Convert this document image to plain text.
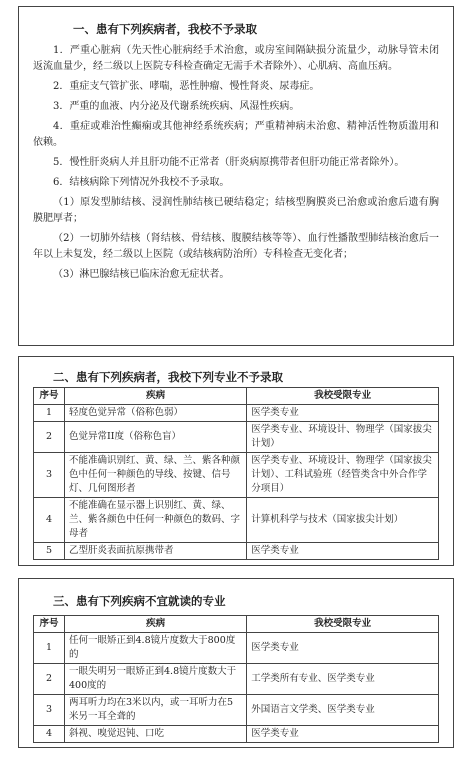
一、患有下列疾病者，我校不予录取

1．严重心脏病（先天性心脏病经手术治愈，或房室间隔缺损分流量少，动脉导管未闭返流血量少，经二级以上医院专科检查确定无需手术者除外）、心肌病、高血压病。

2．重症支气管扩张、哮喘，恶性肿瘤、慢性肾炎、尿毒症。

3．严重的血液、内分泌及代谢系统疾病、风湿性疾病。

4．重症或难治性癫痫或其他神经系统疾病；严重精神病未治愈、精神活性物质滥用和依赖。

5．慢性肝炎病人并且肝功能不正常者（肝炎病原携带者但肝功能正常者除外）。

6．结核病除下列情况外我校不予录取。

（1）原发型肺结核、浸润性肺结核已硬结稳定；结核型胸膜炎已治愈或治愈后遗有胸膜肥厚者；

（2）一切肺外结核（肾结核、骨结核、腹膜结核等等）、血行性播散型肺结核治愈后一年以上未复发，经二级以上医院（或结核病防治所）专科检查无变化者；

（3）淋巴腺结核已临床治愈无症状者。

二、患有下列疾病者，我校下列专业不予录取
序号	疾病	我校受限专业
1	轻度色觉异常（俗称色弱）	医学类专业
2	色觉异常II度（俗称色盲）	医学类专业、环境设计、物理学（国家拔尖计划）
3	不能准确识别红、黄、绿、兰、紫各种颜色中任何一种颜色的导线、按键、信号灯、几何图形者	医学类专业、环境设计、物理学（国家拔尖计划）、工科试验班（经管类含中外合作学分项目）
4	不能准确在显示器上识别红、黄、绿、兰、紫各颜色中任何一种颜色的数码、字母者	计算机科学与技术（国家拔尖计划）
5	乙型肝炎表面抗原携带者	医学类专业
三、患有下列疾病不宜就读的专业
序号	疾病	我校受限专业
1	任何一眼矫正到4.8镜片度数大于800度的	医学类专业
2	一眼失明另一眼矫正到4.8镜片度数大于400度的	工学类所有专业、医学类专业
3	两耳听力均在3米以内，或一耳听力在5米另一耳全聋的	外国语言文学类、医学类专业
4	斜视、嗅觉迟钝、口吃	医学类专业
